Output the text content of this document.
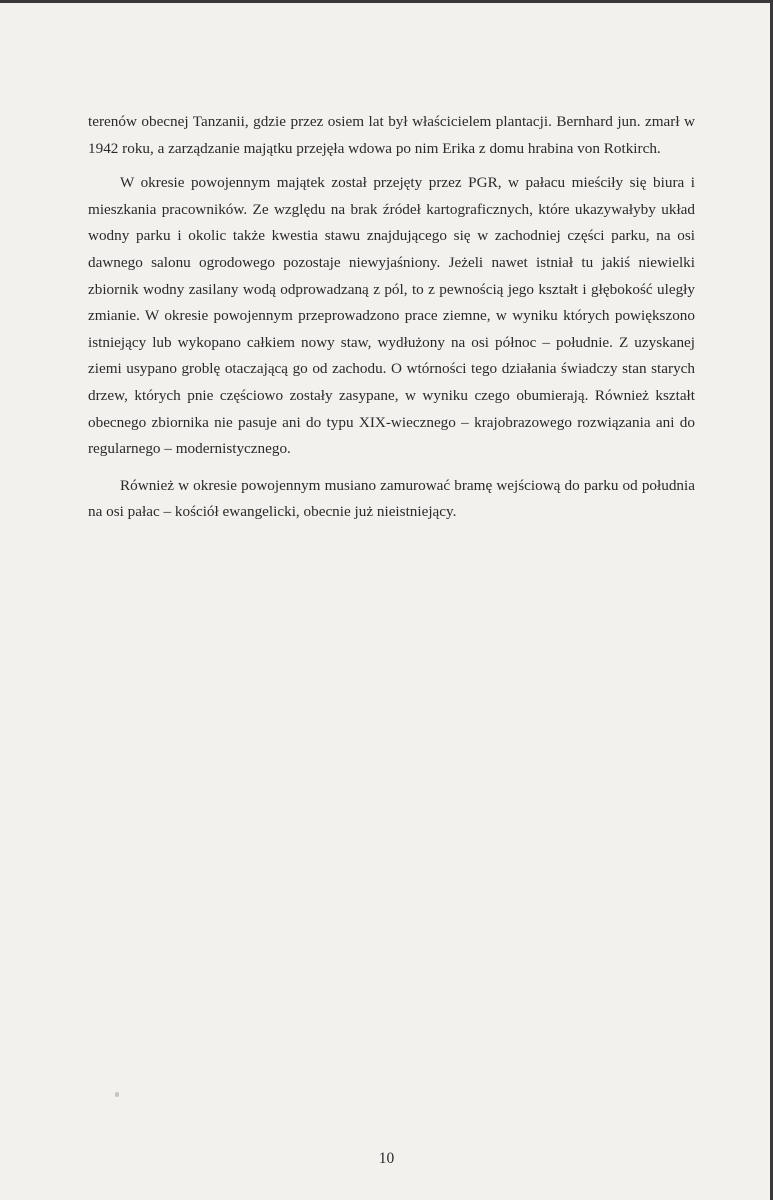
terenów obecnej Tanzanii, gdzie przez osiem lat był właścicielem plantacji. Bernhard jun. zmarł w 1942 roku, a zarządzanie majątku przejęła wdowa po nim Erika z domu hrabina von Rotkirch.

W okresie powojennym majątek został przejęty przez PGR, w pałacu mieściły się biura i mieszkania pracowników. Ze względu na brak źródeł kartograficznych, które ukazywałyby układ wodny parku i okolic także kwestia stawu znajdującego się w zachodniej części parku, na osi dawnego salonu ogrodowego pozostaje niewyjaśniony. Jeżeli nawet istniał tu jakiś niewielki zbiornik wodny zasilany wodą odprowadzaną z pól, to z pewnością jego kształt i głębokość uległy zmianie. W okresie powojennym przeprowadzono prace ziemne, w wyniku których powiększono istniejący lub wykopano całkiem nowy staw, wydłużony na osi północ – południe. Z uzyskanej ziemi usypano groblę otaczającą go od zachodu. O wtórności tego działania świadczy stan starych drzew, których pnie częściowo zostały zasypane, w wyniku czego obumierają. Również kształt obecnego zbiornika nie pasuje ani do typu XIX-wiecznego – krajobrazowego rozwiązania ani do regularnego – modernistycznego.

Również w okresie powojennym musiano zamurować bramę wejściową do parku od południa na osi pałac – kościół ewangelicki, obecnie już nieistniejący.

10
